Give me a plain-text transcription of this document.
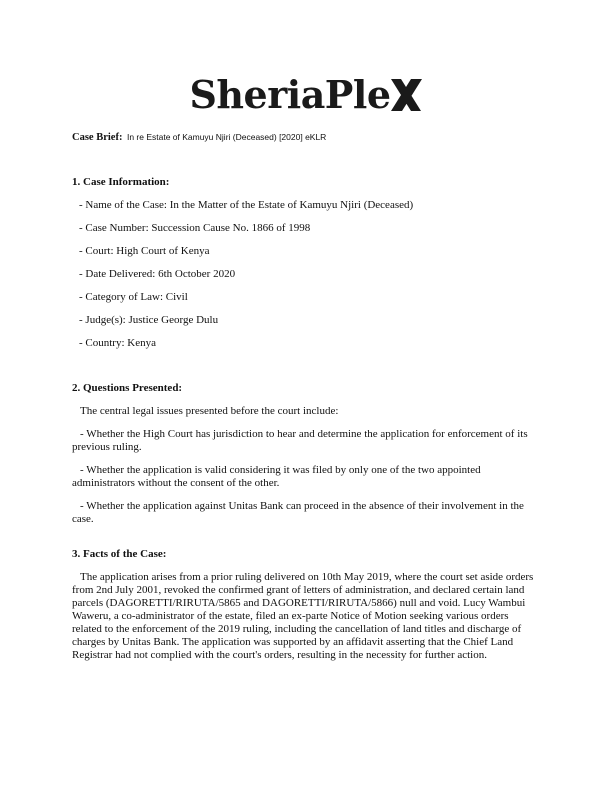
SheriaPle
Case Brief: In re Estate of Kamuyu Njiri (Deceased) [2020] eKLR
1. Case Information:
- Name of the Case: In the Matter of the Estate of Kamuyu Njiri (Deceased)
- Case Number: Succession Cause No. 1866 of 1998
- Court: High Court of Kenya
- Date Delivered: 6th October 2020
- Category of Law: Civil
- Judge(s): Justice George Dulu
- Country: Kenya
2. Questions Presented:
The central legal issues presented before the court include:
- Whether the High Court has jurisdiction to hear and determine the application for enforcement of its previous ruling.
- Whether the application is valid considering it was filed by only one of the two appointed administrators without the consent of the other.
- Whether the application against Unitas Bank can proceed in the absence of their involvement in the case.
3. Facts of the Case:
The application arises from a prior ruling delivered on 10th May 2019, where the court set aside orders from 2nd July 2001, revoked the confirmed grant of letters of administration, and declared certain land parcels (DAGORETTI/RIRUTA/5865 and DAGORETTI/RIRUTA/5866) null and void. Lucy Wambui Waweru, a co-administrator of the estate, filed an ex-parte Notice of Motion seeking various orders related to the enforcement of the 2019 ruling, including the cancellation of land titles and discharge of charges by Unitas Bank. The application was supported by an affidavit asserting that the Chief Land Registrar had not complied with the court's orders, resulting in the necessity for further action.
